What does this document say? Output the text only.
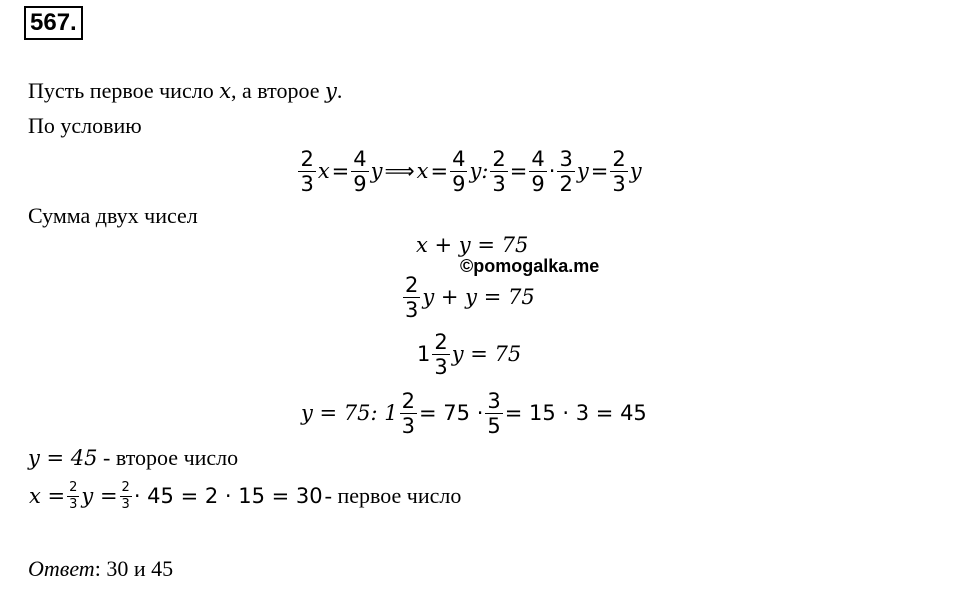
567.
Пусть первое число x, а второе y.
По условию
$\frac{2}{3}$ $x = \frac{4}{9}$ y ⟹ $x = \frac{4}{9} y$: $\frac{2}{3} = \frac{4}{9} \cdot \frac{3}{2}$ $y = \frac{2}{3}$ y
Сумма двух чисел
x + y = 75
©pomogalka.me
$\frac{2}{3}$ y + y = 75
$1 \frac{2}{3}$ y = 75
y = 75: $1 \frac{2}{3} = 75 \cdot \frac{3}{5} = 15 \cdot 3 = 45$
y = 45 - второе число
$x = \frac{2}{3}$ $y = \frac{2}{3} \cdot 45 = 2 \cdot 15 = 30$ - первое число
Ответ: 30 и 45
